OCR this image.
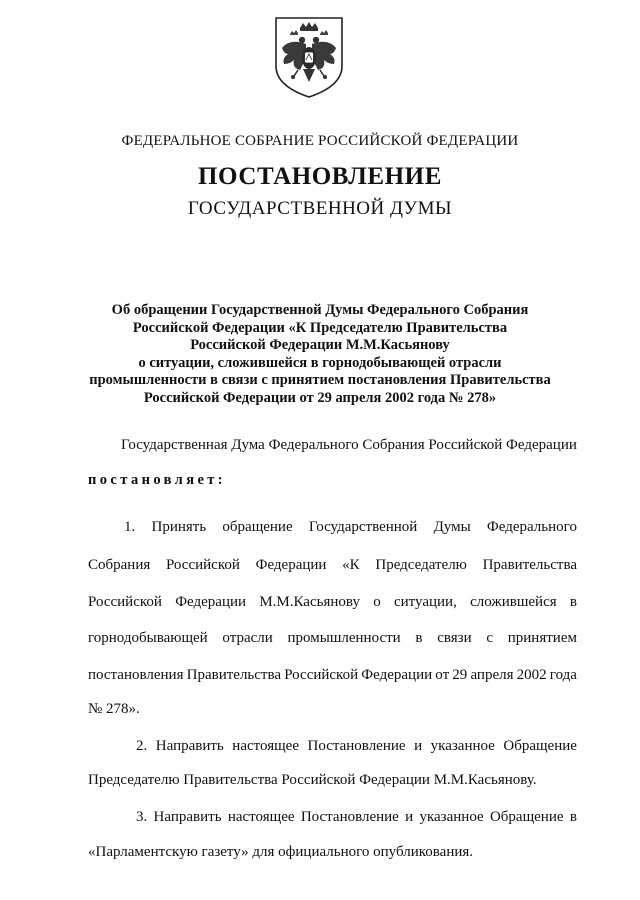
ФЕДЕРАЛЬНОЕ СОБРАНИЕ РОССИЙСКОЙ ФЕДЕРАЦИИ
ПОСТАНОВЛЕНИЕ
ГОСУДАРСТВЕННОЙ ДУМЫ
Об обращении Государственной Думы Федерального Собрания
Российской Федерации «К Председателю Правительства
Российской Федерации М.М.Касьянову
о ситуации, сложившейся в горнодобывающей отрасли
промышленности в связи с принятием постановления Правительства
Российской Федерации от 29 апреля 2002 года № 278»
Государственная Дума Федерального Собрания Российской Федерации
постановляет:
1. Принять обращение Государственной Думы Федерального
Собрания Российской Федерации «К Председателю Правительства
Российской Федерации М.М.Касьянову о ситуации, сложившейся в
горнодобывающей отрасли промышленности в связи с принятием
постановления Правительства Российской Федерации от 29 апреля 2002 года
№ 278».
2. Направить настоящее Постановление и указанное Обращение
Председателю Правительства Российской Федерации М.М.Касьянову.
3. Направить настоящее Постановление и указанное Обращение в
«Парламентскую газету» для официального опубликования.
